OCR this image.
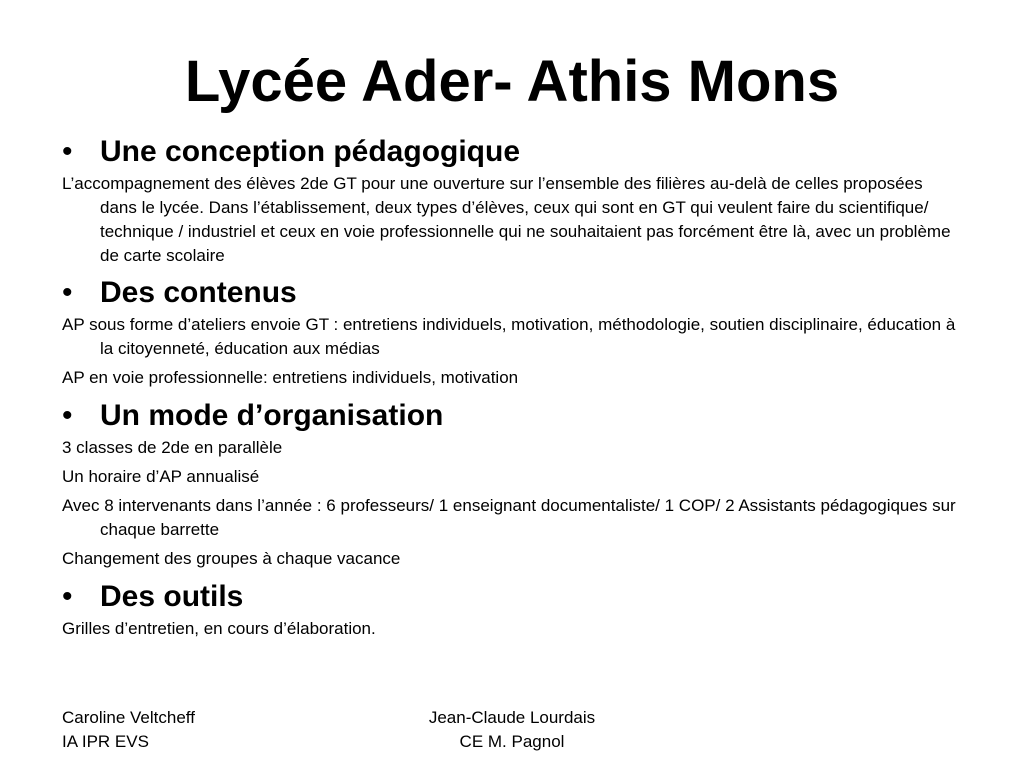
Lycée Ader- Athis Mons
• Une conception pédagogique

L’accompagnement des élèves 2de GT pour une ouverture sur l’ensemble des filières au-delà de celles proposées dans le lycée. Dans l’établissement, deux types d’élèves, ceux qui sont en GT qui veulent faire du scientifique/ technique / industriel et ceux en voie professionnelle qui ne souhaitaient pas forcément être là, avec un problème de carte scolaire

• Des contenus

AP sous forme d’ateliers envoie GT : entretiens individuels, motivation, méthodologie, soutien disciplinaire, éducation à la citoyenneté, éducation aux médias

AP en voie professionnelle: entretiens individuels, motivation

• Un mode d’organisation

3 classes de 2de en parallèle

Un horaire d’AP annualisé

Avec 8 intervenants dans l’année : 6 professeurs/ 1 enseignant documentaliste/ 1 COP/ 2 Assistants pédagogiques sur chaque barrette

Changement des groupes à chaque vacance

• Des outils

Grilles d’entretien, en cours d’élaboration.

Caroline Veltcheff
IA IPR EVS
Jean-Claude Lourdais
CE M. Pagnol
